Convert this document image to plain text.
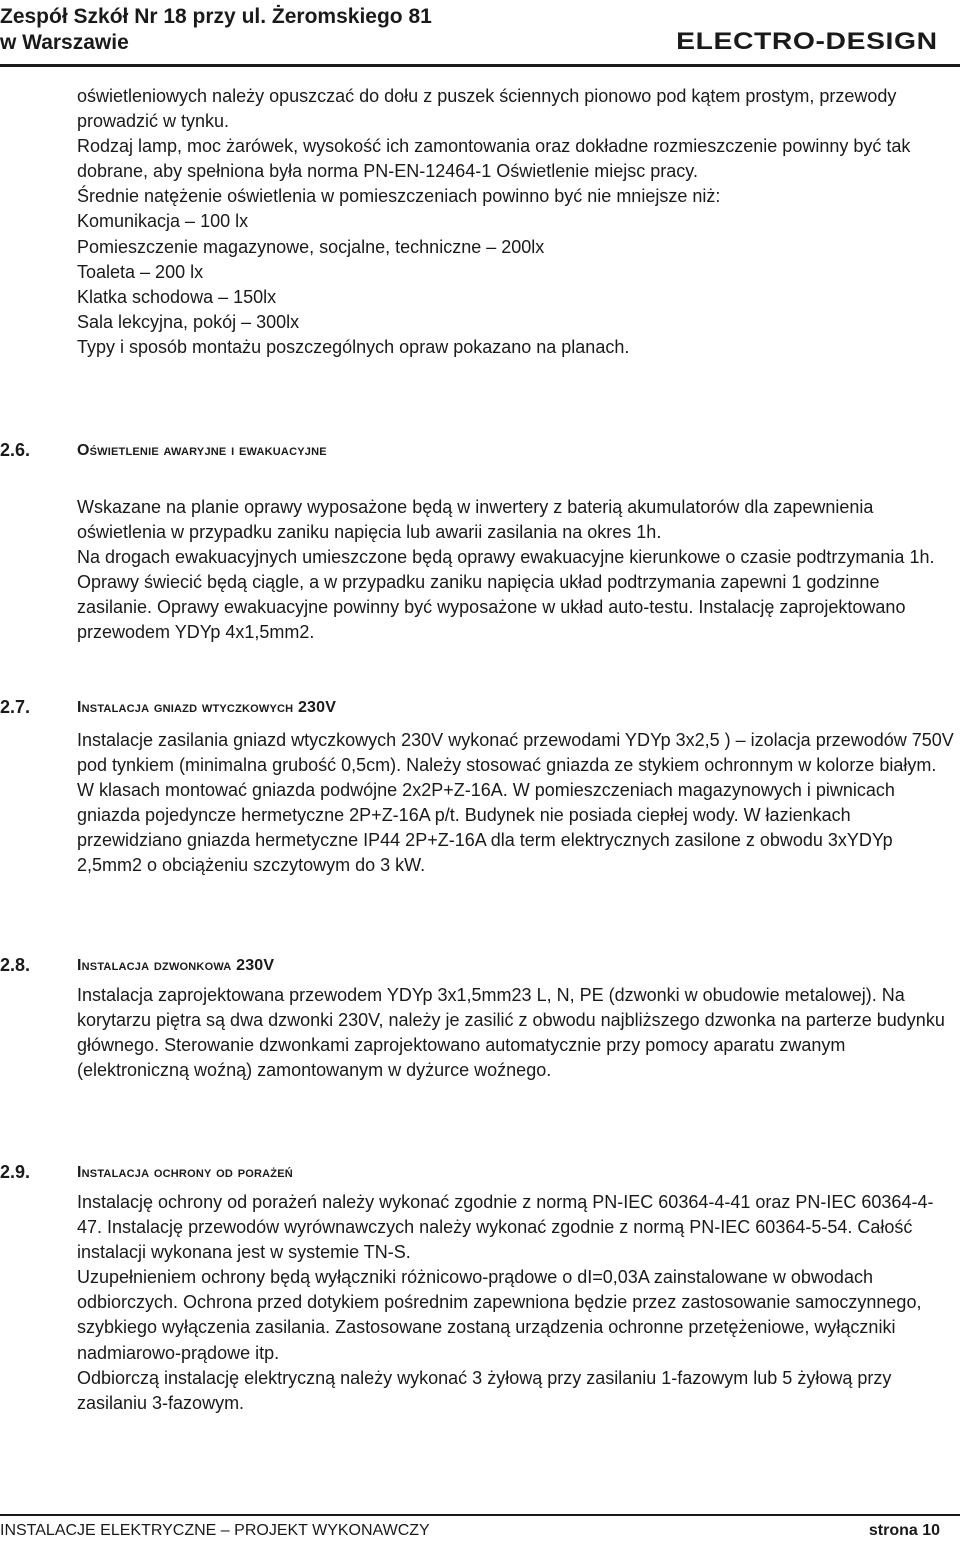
Zespół Szkół Nr 18 przy ul. Żeromskiego 81
w Warszawie	ELECTRO-DESIGN

oświetleniowych należy opuszczać do dołu z puszek ściennych pionowo pod kątem prostym, przewody prowadzić w tynku.

Rodzaj lamp, moc żarówek, wysokość ich zamontowania oraz dokładne rozmieszczenie powinny być tak dobrane, aby spełniona była norma PN-EN-12464-1 Oświetlenie miejsc pracy.

Średnie natężenie oświetlenia w pomieszczeniach powinno być nie mniejsze niż:

Komunikacja – 100 lx

Pomieszczenie magazynowe, socjalne, techniczne – 200lx

Toaleta – 200 lx

Klatka schodowa – 150lx

Sala lekcyjna, pokój – 300lx

Typy i sposób montażu poszczególnych opraw pokazano na planach.

2.6.	Oświetlenie awaryjne i ewakuacyjne

Wskazane na planie oprawy wyposażone będą w inwertery z baterią akumulatorów dla zapewnienia oświetlenia w przypadku zaniku napięcia lub awarii zasilania na okres 1h.

Na drogach ewakuacyjnych umieszczone będą oprawy ewakuacyjne kierunkowe o czasie podtrzymania 1h. Oprawy świecić będą ciągle, a w przypadku zaniku napięcia układ podtrzymania zapewni 1 godzinne zasilanie. Oprawy ewakuacyjne powinny być wyposażone w układ auto-testu. Instalację zaprojektowano przewodem YDYp 4x1,5mm2.

2.7.	Instalacja gniazd wtyczkowych 230V

Instalacje zasilania gniazd wtyczkowych 230V wykonać przewodami YDYp 3x2,5 ) – izolacja przewodów 750V pod tynkiem (minimalna grubość 0,5cm). Należy stosować gniazda ze stykiem ochronnym w kolorze białym.

W klasach montować gniazda podwójne 2x2P+Z-16A. W pomieszczeniach magazynowych i piwnicach gniazda pojedyncze hermetyczne 2P+Z-16A p/t. Budynek nie posiada ciepłej wody. W łazienkach przewidziano gniazda hermetyczne IP44 2P+Z-16A dla term elektrycznych zasilone z obwodu 3xYDYp 2,5mm2 o obciążeniu szczytowym do 3 kW.

2.8.	Instalacja dzwonkowa 230V

Instalacja zaprojektowana przewodem YDYp 3x1,5mm23 L, N, PE (dzwonki w obudowie metalowej). Na korytarzu piętra są dwa dzwonki 230V, należy je zasilić z obwodu najbliższego dzwonka na parterze budynku głównego. Sterowanie dzwonkami zaprojektowano automatycznie przy pomocy aparatu zwanym (elektroniczną woźną) zamontowanym w dyżurce woźnego.

2.9.	Instalacja ochrony od porażeń

Instalację ochrony od porażeń należy wykonać zgodnie z normą PN-IEC 60364-4-41 oraz PN-IEC 60364-4-47. Instalację przewodów wyrównawczych należy wykonać zgodnie z normą PN-IEC 60364-5-54. Całość instalacji wykonana jest w systemie TN-S.

Uzupełnieniem ochrony będą wyłączniki różnicowo-prądowe o dI=0,03A zainstalowane w obwodach odbiorczych. Ochrona przed dotykiem pośrednim zapewniona będzie przez zastosowanie samoczynnego, szybkiego wyłączenia zasilania. Zastosowane zostaną urządzenia ochronne przetężeniowe, wyłączniki nadmiarowo-prądowe itp.

Odbiorczą instalację elektryczną należy wykonać 3 żyłową przy zasilaniu 1-fazowym lub 5 żyłową przy zasilaniu 3-fazowym.

INSTALACJE ELEKTRYCZNE – PROJEKT WYKONAWCZY	strona 10
